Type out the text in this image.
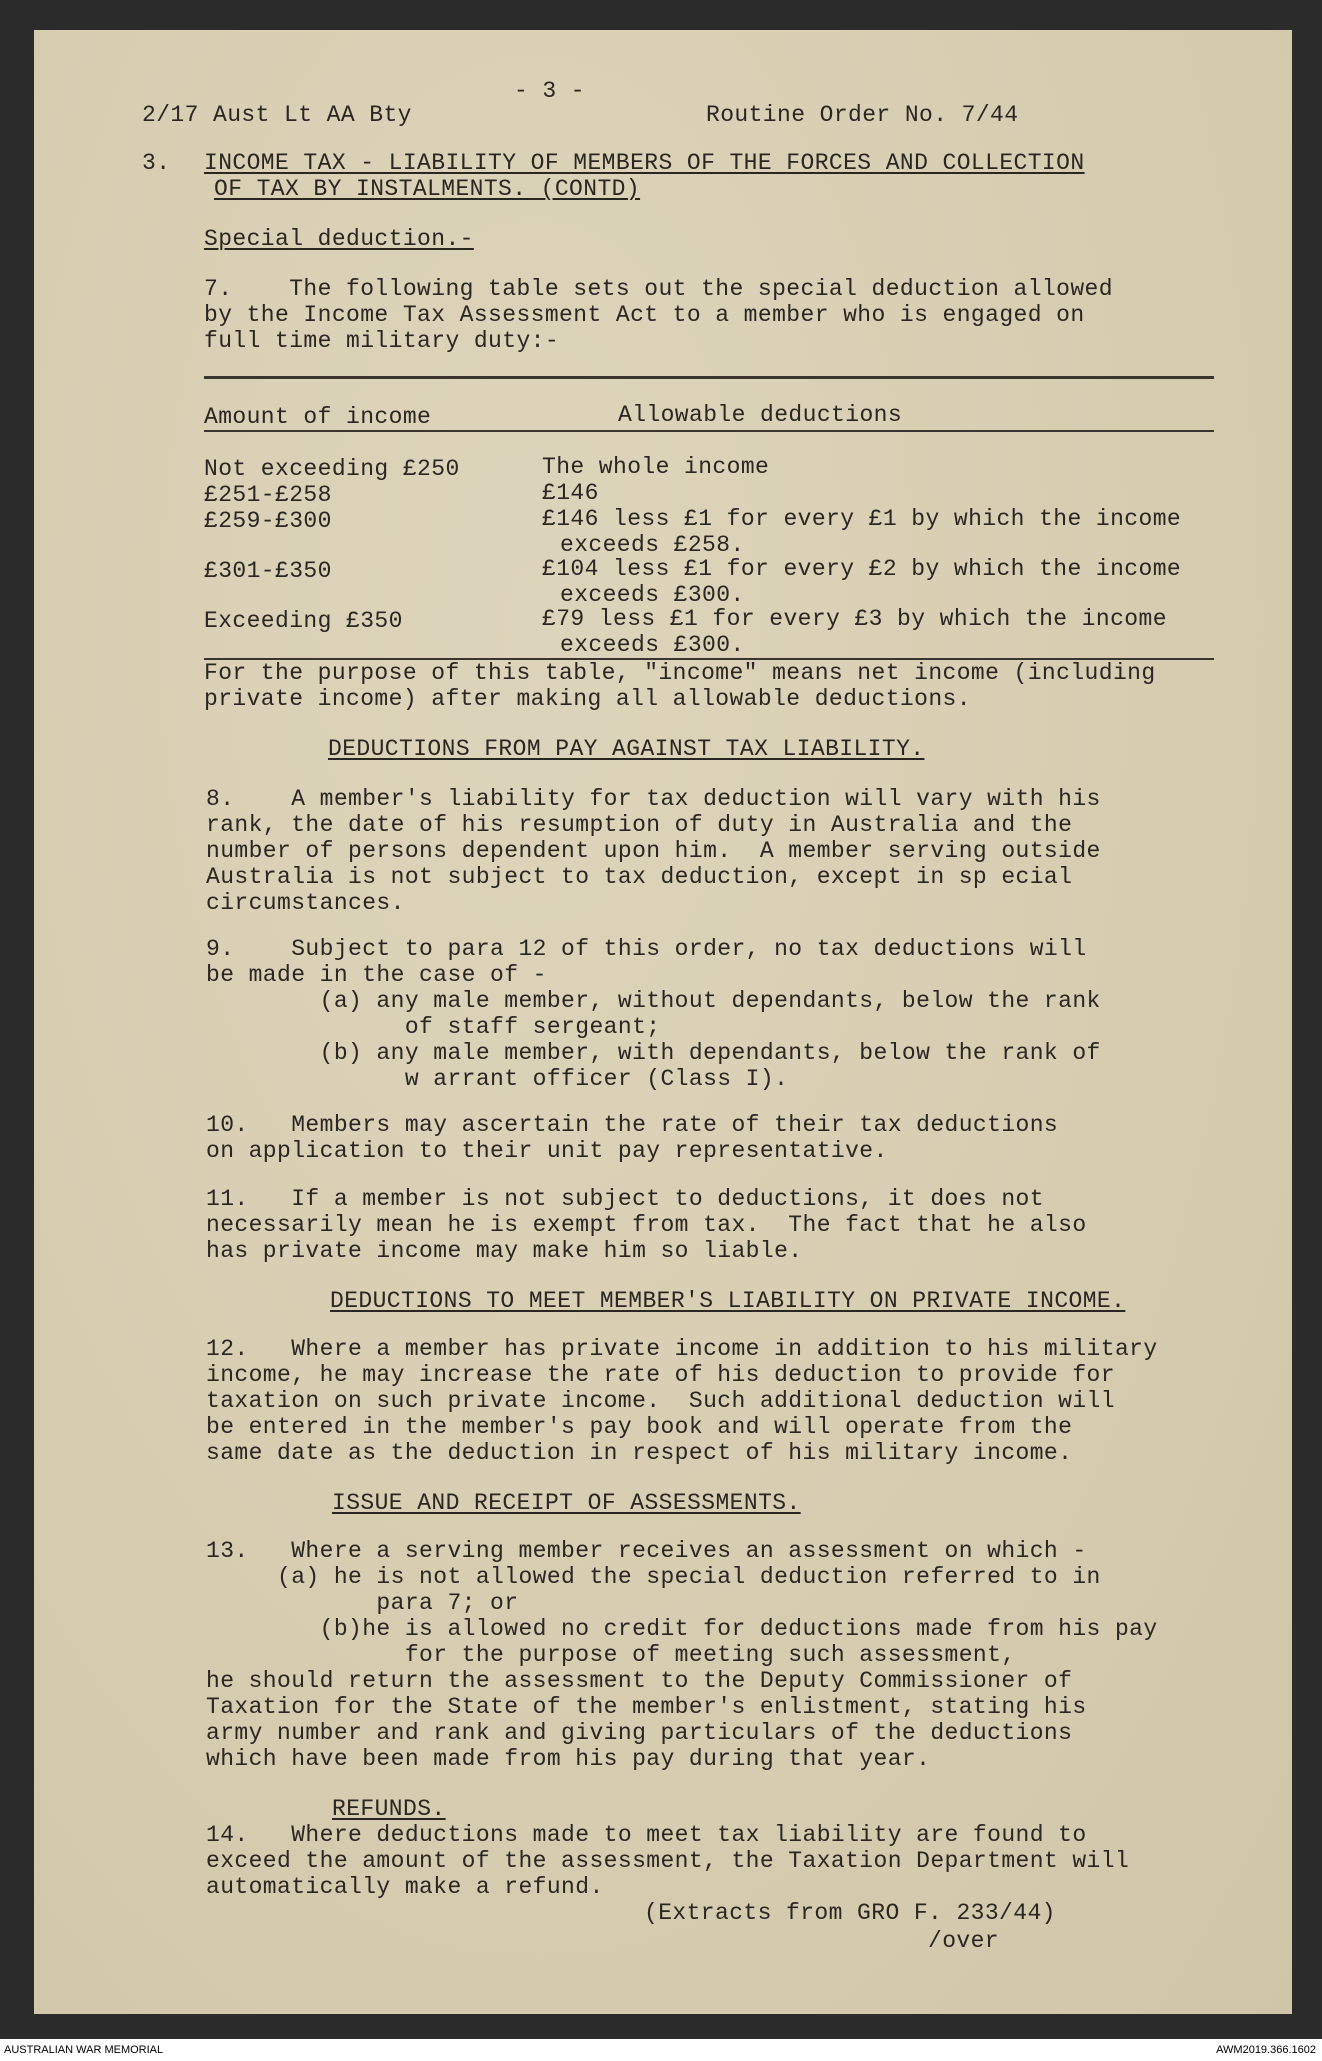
- 3 -
2/17 Aust Lt AA Bty	Routine Order No. 7/44
3. INCOME TAX - LIABILITY OF MEMBERS OF THE FORCES AND COLLECTION
OF TAX BY INSTALMENTS. (CONTD)
Special deduction.-
7.    The following table sets out the special deduction allowed
by the Income Tax Assessment Act to a member who is engaged on
full time military duty:-
Amount of income	Allowable deductions
Not exceeding £250	The whole income
£251-£258	£146
£259-£300	£146 less £1 for every £1 by which the income
exceeds £258.
£301-£350	£104 less £1 for every £2 by which the income
exceeds £300.
Exceeding £350	£79 less £1 for every £3 by which the income
exceeds £300.
For the purpose of this table, "income" means net income (including
private income) after making all allowable deductions.
DEDUCTIONS FROM PAY AGAINST TAX LIABILITY.
8.    A member's liability for tax deduction will vary with his
rank, the date of his resumption of duty in Australia and the
number of persons dependent upon him.  A member serving outside
Australia is not subject to tax deduction, except in sp ecial
circumstances.
9.    Subject to para 12 of this order, no tax deductions will
be made in the case of -
(a) any male member, without dependants, below the rank
of staff sergeant;
(b) any male member, with dependants, below the rank of
w arrant officer (Class I).
10.   Members may ascertain the rate of their tax deductions
on application to their unit pay representative.
11.   If a member is not subject to deductions, it does not
necessarily mean he is exempt from tax.  The fact that he also
has private income may make him so liable.
DEDUCTIONS TO MEET MEMBER'S LIABILITY ON PRIVATE INCOME.
12.   Where a member has private income in addition to his military
income, he may increase the rate of his deduction to provide for
taxation on such private income.  Such additional deduction will
be entered in the member's pay book and will operate from the
same date as the deduction in respect of his military income.
ISSUE AND RECEIPT OF ASSESSMENTS.
13.   Where a serving member receives an assessment on which -
(a) he is not allowed the special deduction referred to in
para 7; or
(b)he is allowed no credit for deductions made from his pay
for the purpose of meeting such assessment,
he should return the assessment to the Deputy Commissioner of
Taxation for the State of the member's enlistment, stating his
army number and rank and giving particulars of the deductions
which have been made from his pay during that year.
REFUNDS.
14.   Where deductions made to meet tax liability are found to
exceed the amount of the assessment, the Taxation Department will
automatically make a refund.
(Extracts from GRO F. 233/44)
/over
AUSTRALIAN WAR MEMORIAL	AWM2019.366.1602
